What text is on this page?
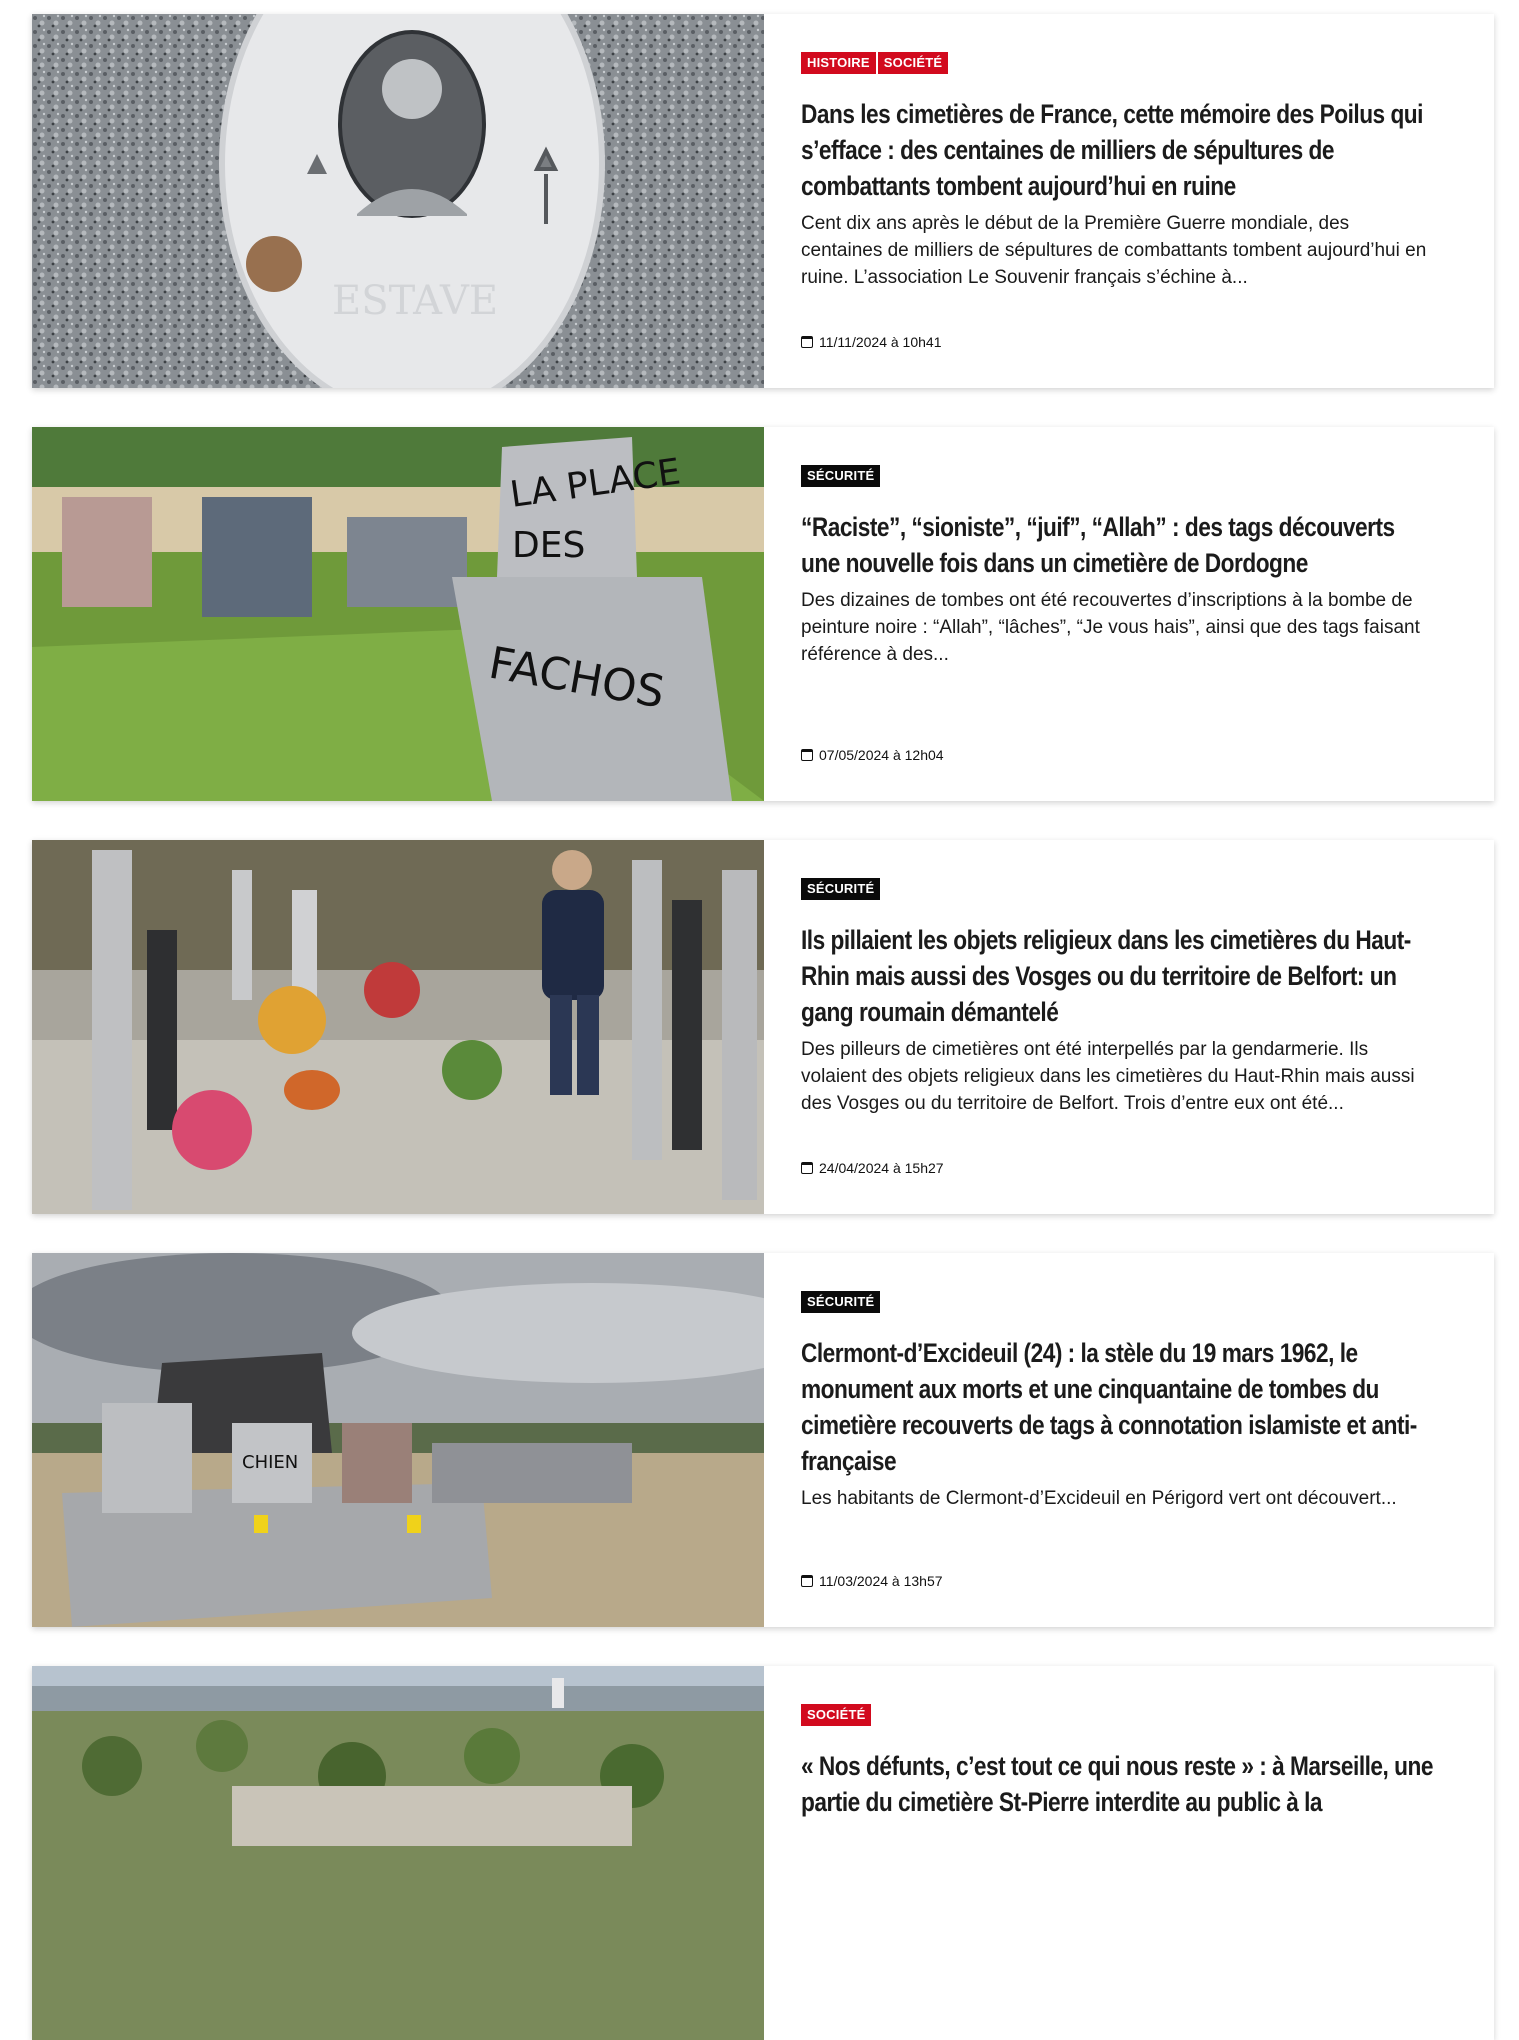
ESTAVE
HISTOIRE	SOCIÉTÉ
Dans les cimetières de France, cette mémoire des Poilus qui s’efface : des centaines de milliers de sépultures de combattants tombent aujourd’hui en ruine
Cent dix ans après le début de la Première Guerre mondiale, des centaines de milliers de sépultures de combattants tombent aujourd’hui en ruine. L’association Le Souvenir français s’échine à...
11/11/2024 à 10h41
LA PLACE
DES
FACHOS
SÉCURITÉ
“Raciste”, “sioniste”, “juif”, “Allah” : des tags découverts une nouvelle fois dans un cimetière de Dordogne
Des dizaines de tombes ont été recouvertes d’inscriptions à la bombe de peinture noire : “Allah”, “lâches”, “Je vous hais”, ainsi que des tags faisant référence à des...
07/05/2024 à 12h04
SÉCURITÉ
Ils pillaient les objets religieux dans les cimetières du Haut-Rhin mais aussi des Vosges ou du territoire de Belfort: un gang roumain démantelé
Des pilleurs de cimetières ont été interpellés par la gendarmerie. Ils volaient des objets religieux dans les cimetières du Haut-Rhin mais aussi des Vosges ou du territoire de Belfort. Trois d’entre eux ont été...
24/04/2024 à 15h27
CHIEN
SÉCURITÉ
Clermont-d’Excideuil (24) : la stèle du 19 mars 1962, le monument aux morts et une cinquantaine de tombes du cimetière recouverts de tags à connotation islamiste et anti-française
Les habitants de Clermont-d’Excideuil en Périgord vert ont découvert...
11/03/2024 à 13h57
SOCIÉTÉ
« Nos défunts, c’est tout ce qui nous reste » : à Marseille, une partie du cimetière St-Pierre interdite au public à la
